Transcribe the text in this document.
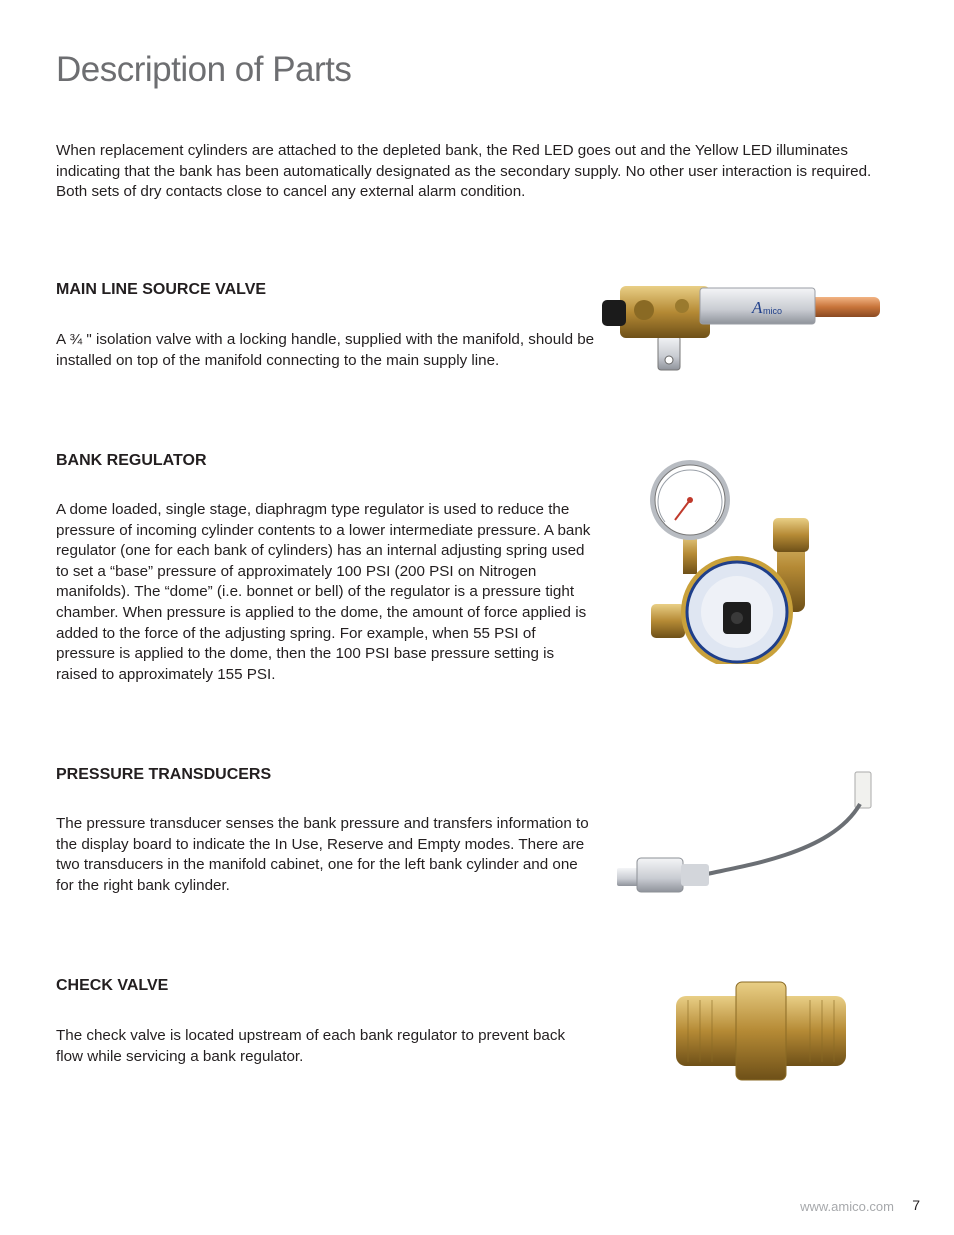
Description of Parts

When replacement cylinders are attached to the depleted bank, the Red LED goes out and the Yellow LED illuminates indicating that the bank has been automatically designated as the secondary supply. No other user interaction is required. Both sets of dry contacts close to cancel any external alarm condition.

MAIN LINE SOURCE VALVE

A ¾ " isolation valve with a locking handle, supplied with the manifold, should be installed on top of the manifold connecting to the main supply line.

A mico
BANK REGULATOR

A dome loaded, single stage, diaphragm type regulator is used to reduce the pressure of incoming cylinder contents to a lower intermediate pressure. A bank regulator (one for each bank of cylinders) has an internal adjusting spring used to set a “base” pressure of approximately 100 PSI (200 PSI on Nitrogen manifolds). The “dome” (i.e. bonnet or bell) of the regulator is a pressure tight chamber. When pressure is applied to the dome, the amount of force applied is added to the force of the adjusting spring. For example, when 55 PSI of pressure is applied to the dome, then the 100 PSI base pressure setting is raised to approximately 155 PSI.

PRESSURE TRANSDUCERS

The pressure transducer senses the bank pressure and transfers information to the display board to indicate the In Use, Reserve and Empty modes. There are two transducers in the manifold cabinet, one for the left bank cylinder and one for the right bank cylinder.

CHECK VALVE

The check valve is located upstream of each bank regulator to prevent back flow while servicing a bank regulator.

www.amico.com 7
